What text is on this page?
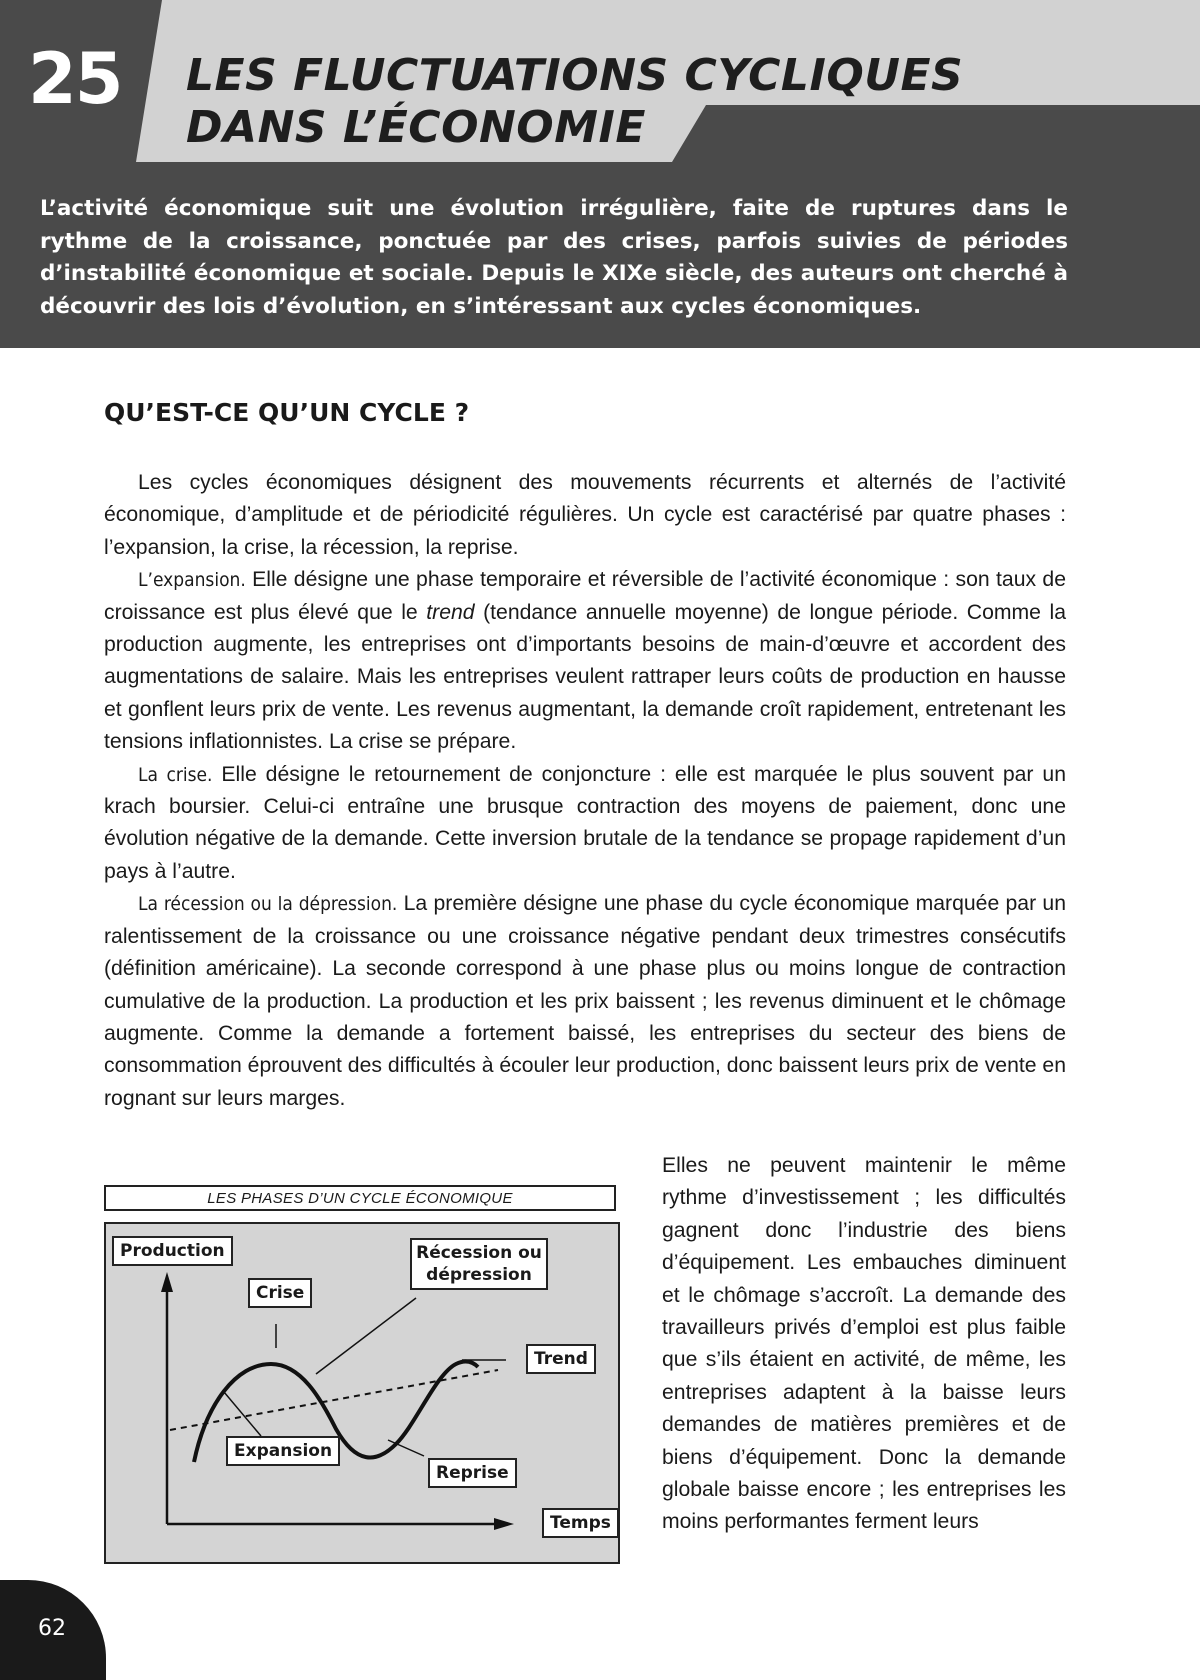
25	LES FLUCTUATIONS CYCLIQUES
DANS L’ÉCONOMIE

L’activité économique suit une évolution irrégulière, faite de ruptures dans le rythme de la croissance, ponctuée par des crises, parfois suivies de périodes d’instabilité économique et sociale. Depuis le XIXe siècle, des auteurs ont cherché à découvrir des lois d’évolution, en s’intéressant aux cycles économiques.

QU’EST-CE QU’UN CYCLE ?

Les cycles économiques désignent des mouvements récurrents et alternés de l’activité économique, d’amplitude et de périodicité régulières. Un cycle est caractérisé par quatre phases : l’expansion, la crise, la récession, la reprise.

L’expansion. Elle désigne une phase temporaire et réversible de l’activité économique : son taux de croissance est plus élevé que le trend (tendance annuelle moyenne) de longue période. Comme la production augmente, les entreprises ont d’importants besoins de main-d’œuvre et accordent des augmentations de salaire. Mais les entreprises veulent rattraper leurs coûts de production en hausse et gonflent leurs prix de vente. Les revenus augmentant, la demande croît rapidement, entretenant les tensions inflationnistes. La crise se prépare.

La crise. Elle désigne le retournement de conjoncture : elle est marquée le plus souvent par un krach boursier. Celui-ci entraîne une brusque contraction des moyens de paiement, donc une évolution négative de la demande. Cette inversion brutale de la tendance se propage rapidement d’un pays à l’autre.

La récession ou la dépression. La première désigne une phase du cycle économique marquée par un ralentissement de la croissance ou une croissance négative pendant deux trimestres consécutifs (définition américaine). La seconde correspond à une phase plus ou moins longue de contraction cumulative de la production. La production et les prix baissent ; les revenus diminuent et le chômage augmente. Comme la demande a fortement baissé, les entreprises du secteur des biens de consommation éprouvent des difficultés à écouler leur production, donc baissent leurs prix de vente en rognant sur leurs marges.

Elles ne peuvent maintenir le même rythme d’investissement ; les difficultés gagnent donc l’industrie des biens d’équipement. Les embauches diminuent et le chômage s’accroît. La demande des travailleurs privés d’emploi est plus faible que s’ils étaient en activité, de même, les entreprises adaptent à la baisse leurs demandes de matières premières et de biens d’équipement. Donc la demande globale baisse encore ; les entreprises les moins performantes ferment leurs

LES PHASES D’UN CYCLE ÉCONOMIQUE
Production
Crise
Récession ou
dépression
Trend
Expansion
Reprise
Temps
62
